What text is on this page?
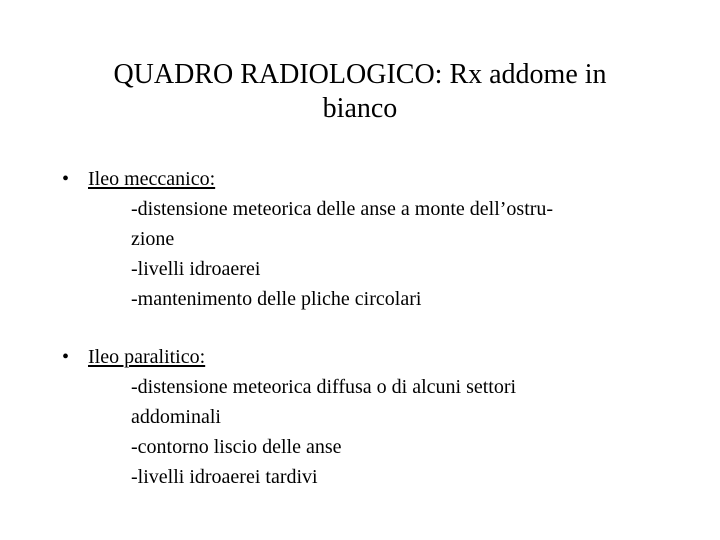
QUADRO RADIOLOGICO: Rx addome in
bianco
• Ileo meccanico:
-distensione meteorica delle anse a monte dell’ostru-
zione
-livelli idroaerei
-mantenimento delle pliche circolari
• Ileo paralitico:
-distensione meteorica diffusa o di alcuni settori
addominali
-contorno liscio delle anse
-livelli idroaerei tardivi
